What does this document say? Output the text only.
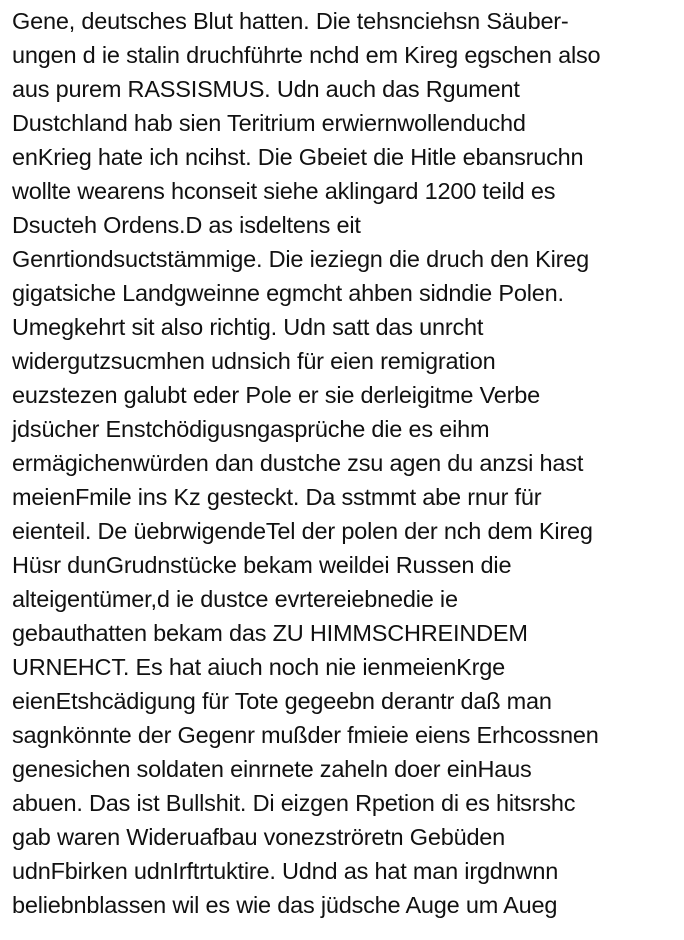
Gene, deutsches Blut hatten. Die tehsnciehsn Säuber-
ungen d ie stalin druchführte nchd em Kireg egschen also
aus purem RASSISMUS. Udn auch das Rgument
Dustchland hab sien Teritrium erwiernwollenduchd
enKrieg hate ich ncihst. Die Gbeiet die Hitle ebansruchn
wollte wearens hconseit siehe aklingard 1200 teild es
Dsucteh Ordens.D as isdeltens eit
Genrtiondsuctstämmige. Die ieziegn die druch den Kireg
gigatsiche Landgweinne egmcht ahben sidndie Polen.
Umegkehrt sit also richtig. Udn satt das unrcht
widergutzsucmhen udnsich für eien remigration
euzstezen galubt eder Pole er sie derleigitme Verbe
jdsücher Enstchödigusngasprüche die es eihm
ermägichenwürden dan dustche zsu agen du anzsi hast
meienFmile ins Kz gesteckt. Da sstmmt abe rnur für
eienteil. De üebrwigendeTel der polen der nch dem Kireg
Hüsr dunGrudnstücke bekam weildei Russen die
alteigentümer,d ie dustce evrtereiebnedie ie
gebauthatten bekam das ZU HIMMSCHREINDEM
URNEHCT. Es hat aiuch noch nie ienmeienKrge
eienEtshcädigung für Tote gegeebn derantr daß man
sagnkönnte der Gegenr mußder fmieie eiens Erhcossnen
genesichen soldaten einrnete zaheln doer einHaus
abuen. Das ist Bullshit. Di eizgen Rpetion di es hitsrshc
gab waren Wideruafbau vonezströretn Gebüden
udnFbirken udnIrftrtuktire. Udnd as hat man irgdnwnn
beliebnblassen wil es wie das jüdsche Auge um Aueg
